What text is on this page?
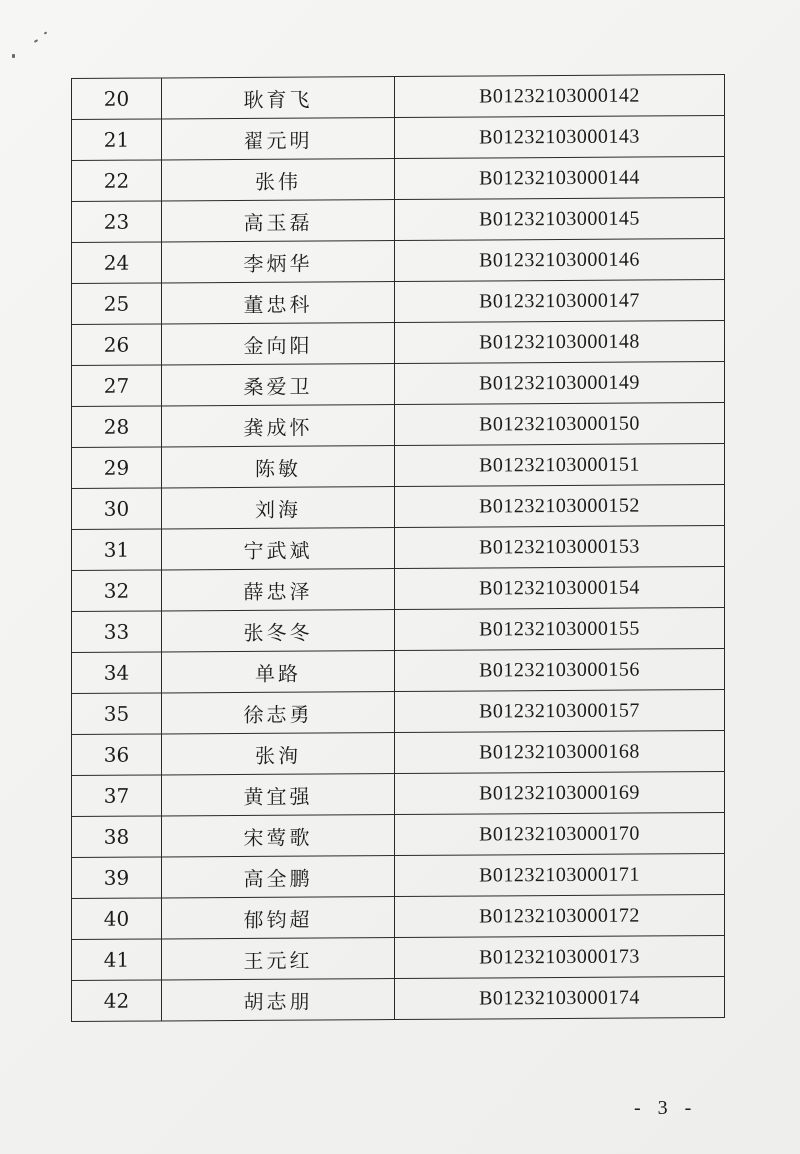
20	耿育飞	B01232103000142
21	翟元明	B01232103000143
22	张伟	B01232103000144
23	高玉磊	B01232103000145
24	李炳华	B01232103000146
25	董忠科	B01232103000147
26	金向阳	B01232103000148
27	桑爱卫	B01232103000149
28	龚成怀	B01232103000150
29	陈敏	B01232103000151
30	刘海	B01232103000152
31	宁武斌	B01232103000153
32	薛忠泽	B01232103000154
33	张冬冬	B01232103000155
34	单路	B01232103000156
35	徐志勇	B01232103000157
36	张洵	B01232103000168
37	黄宜强	B01232103000169
38	宋莺歌	B01232103000170
39	高全鹏	B01232103000171
40	郁钧超	B01232103000172
41	王元红	B01232103000173
42	胡志朋	B01232103000174
- 3 -
